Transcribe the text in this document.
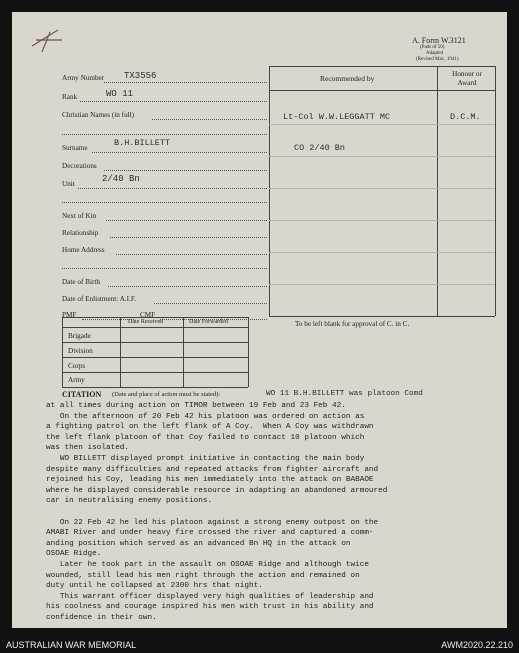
A. Form W.3121
(Pads of 50)
Adapted
(Revised Mar., 1941)
Army Number TX3556
Rank	WO 11
Christian Names (in full)
Surname	B.H.BILLETT
Decorations
Unit	2/40 Bn
Next of Kin
Relationship
Home Address
Date of Birth
Date of Enlistment: A.I.F.
PMF	CMF
Recommended by	Honour or Award
Lt-Col W.W.LEGGATT MC	D.C.M.
CO 2/40 Bn
To be left blank for approval of C. in C.
Date Received	Date Forwarded
Brigade
Division
Corps
Army
CITATION (Date and place of action must be stated):	WO 11 B.H.BILLETT was platoon Comd
at all times during action on TIMOR between 19 Feb and 23 Feb 42.
On the afternoon of 20 Feb 42 his platoon was ordered on action as
a fighting patrol on the left flank of A Coy.  When A Coy was withdrawn
the left flank platoon of that Coy failed to contact 10 platoon which
was then isolated.
WO BILLETT displayed prompt initiative in contacting the main body
despite many difficulties and repeated attacks from fighter aircraft and
rejoined his Coy, leading his men immediately into the attack on BABAOE
where he displayed considerable resource in adapting an abandoned armoured
car in neutralising enemy positions.
On 22 Feb 42 he led his platoon against a strong enemy outpost on the
AMABI River and under heavy fire crossed the river and captured a comm-
anding position which served as an advanced Bn HQ in the attack on
OSOAE Ridge.
Later he took part in the assault on OSOAE Ridge and although twice
wounded, still lead his men right through the action and remained on
duty until he collapsed at 2300 hrs that night.
This warrant officer displayed very high qualities of leadership and
his coolness and courage inspired his men with trust in his ability and
confidence in their own.
AUSTRALIAN WAR MEMORIAL	AWM2020.22.210
